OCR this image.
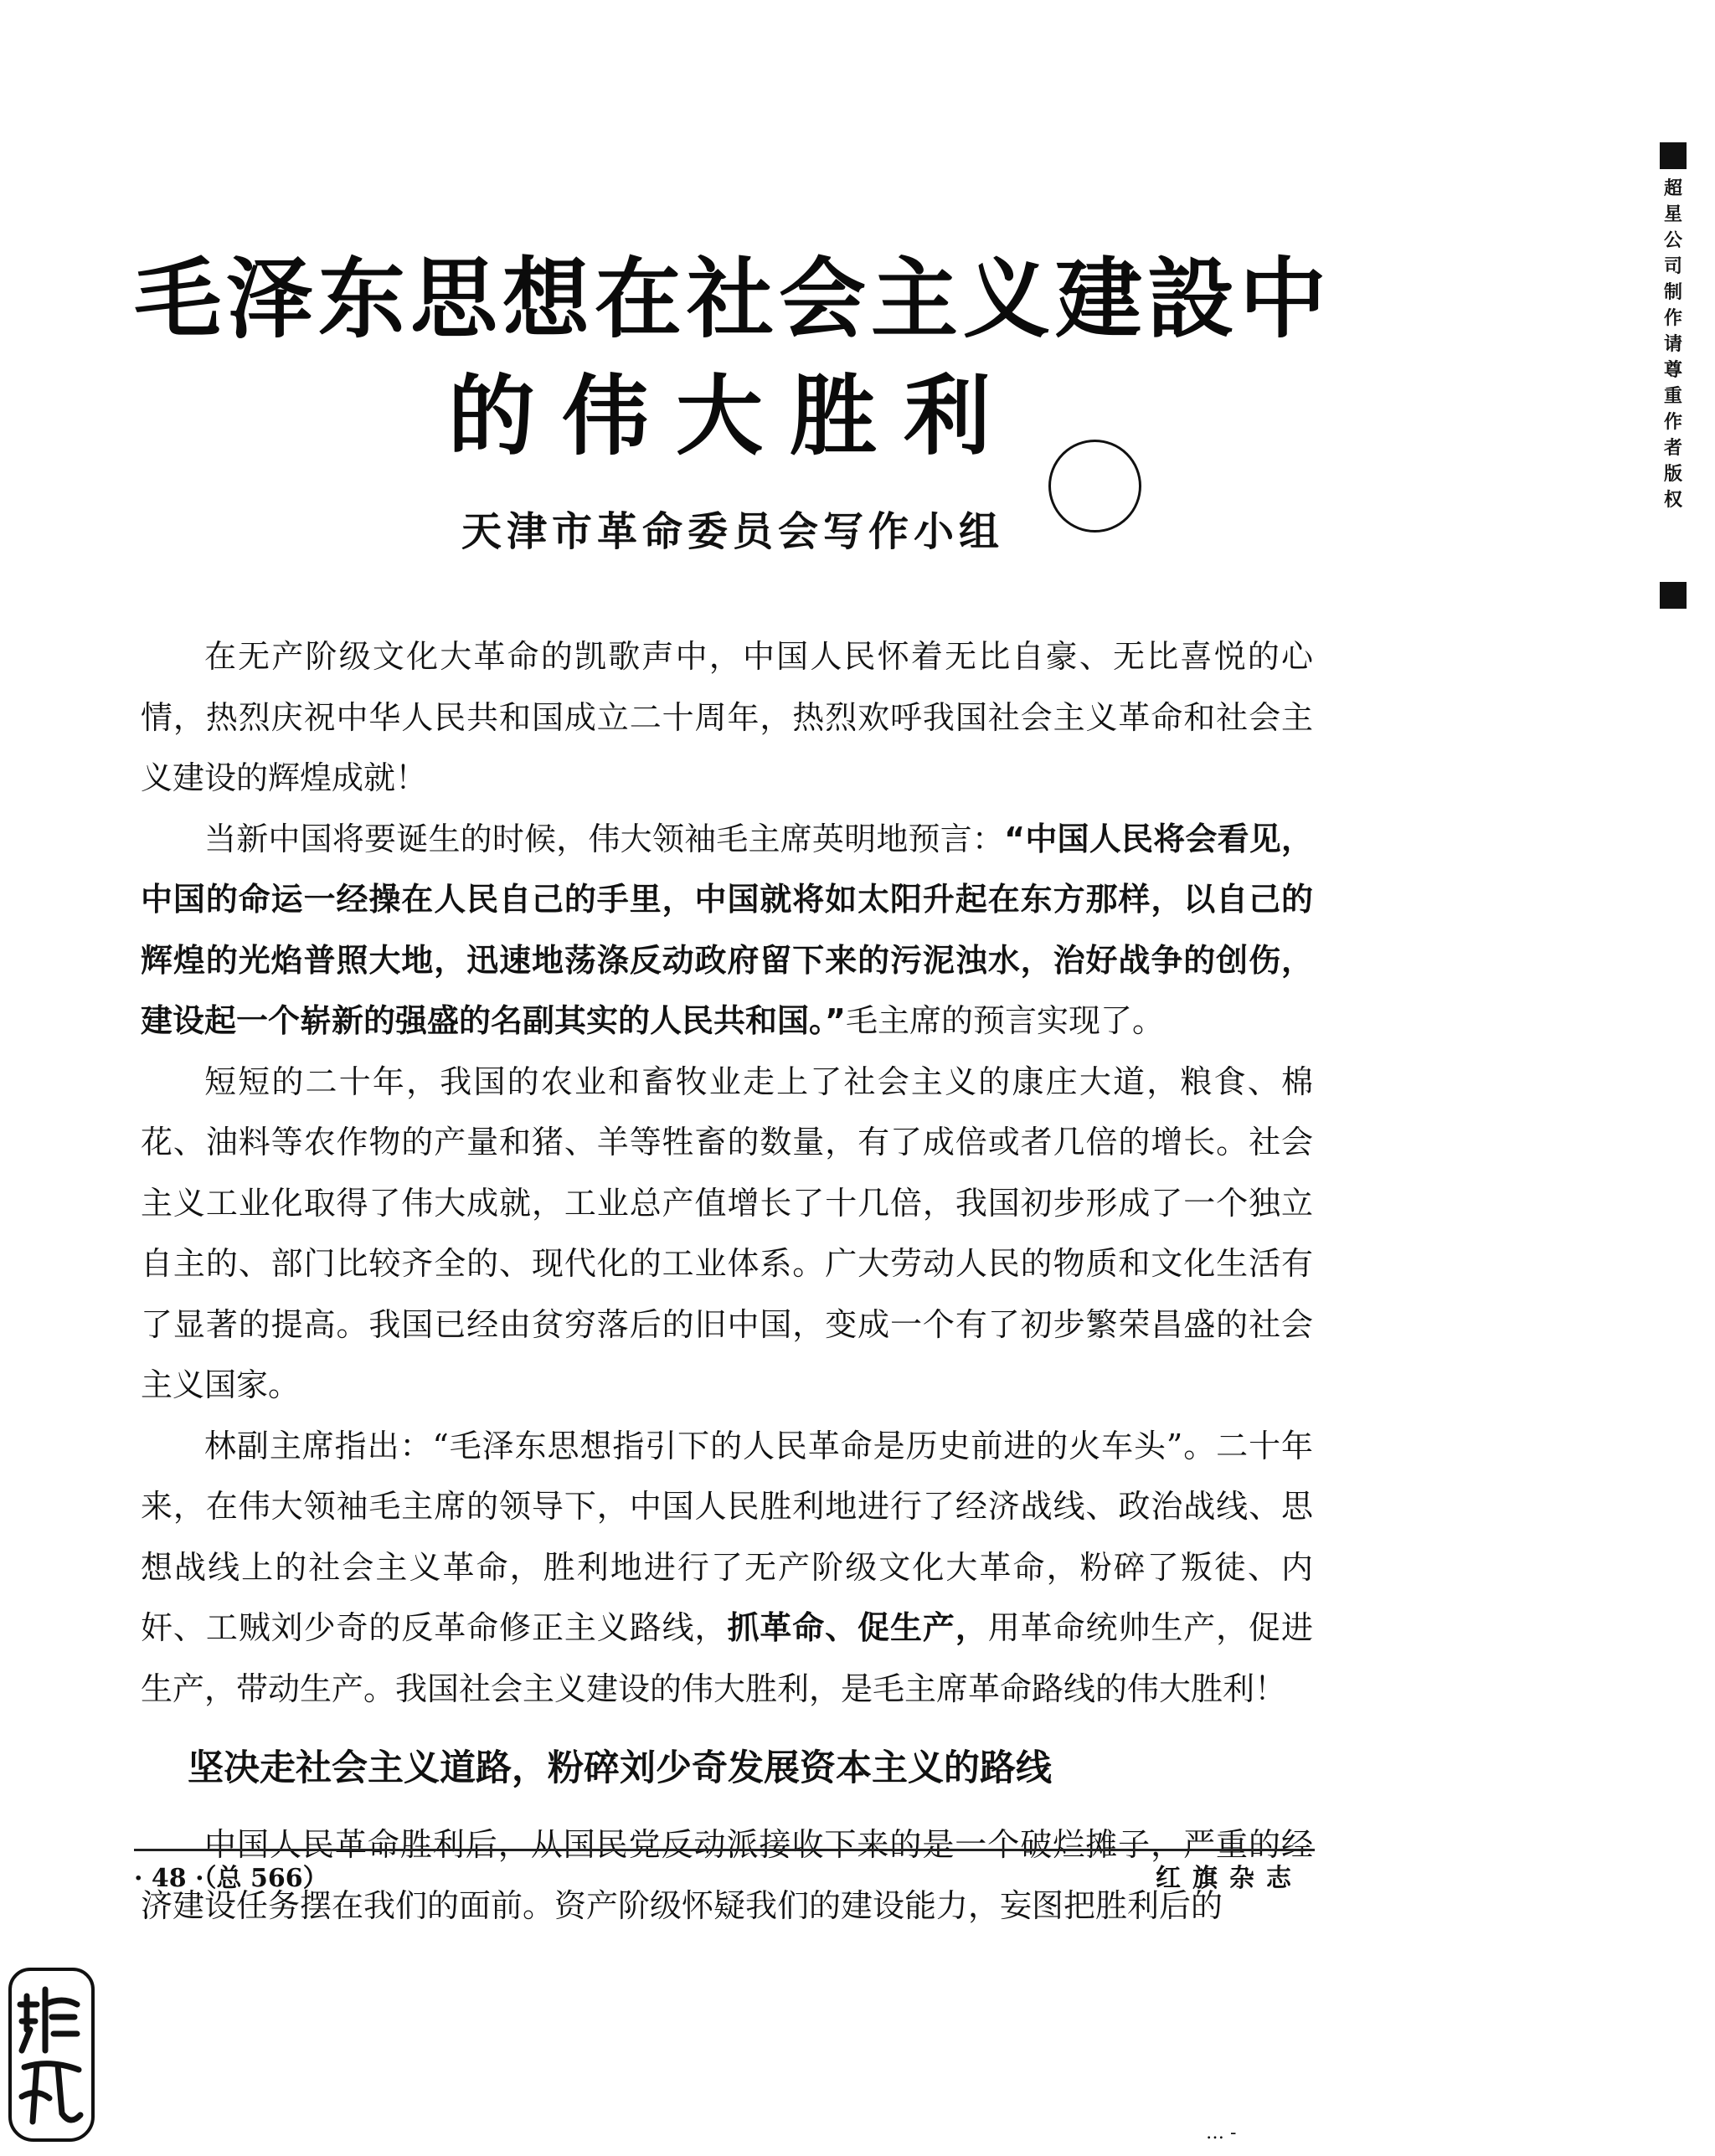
毛泽东思想在社会主义建設中
的伟大胜利
天津市革命委员会写作小组

在无产阶级文化大革命的凯歌声中，中国人民怀着无比自豪、无比喜悦的心情，热烈庆祝中华人民共和国成立二十周年，热烈欢呼我国社会主义革命和社会主义建设的辉煌成就！

当新中国将要诞生的时候，伟大领袖毛主席英明地预言：“中国人民将会看见，中国的命运一经操在人民自己的手里，中国就将如太阳升起在东方那样，以自己的辉煌的光焰普照大地，迅速地荡涤反动政府留下来的污泥浊水，治好战争的创伤，建设起一个崭新的强盛的名副其实的人民共和国。”毛主席的预言实现了。

短短的二十年，我国的农业和畜牧业走上了社会主义的康庄大道，粮食、棉花、油料等农作物的产量和猪、羊等牲畜的数量，有了成倍或者几倍的增长。社会主义工业化取得了伟大成就，工业总产值增长了十几倍，我国初步形成了一个独立自主的、部门比较齐全的、现代化的工业体系。广大劳动人民的物质和文化生活有了显著的提高。我国已经由贫穷落后的旧中国，变成一个有了初步繁荣昌盛的社会主义国家。

林副主席指出：“毛泽东思想指引下的人民革命是历史前进的火车头”。二十年来，在伟大领袖毛主席的领导下，中国人民胜利地进行了经济战线、政治战线、思想战线上的社会主义革命，胜利地进行了无产阶级文化大革命，粉碎了叛徒、内奸、工贼刘少奇的反革命修正主义路线，抓革命、促生产，用革命统帅生产，促进生产，带动生产。我国社会主义建设的伟大胜利，是毛主席革命路线的伟大胜利！

坚决走社会主义道路，粉碎刘少奇发展资本主义的路线

中国人民革命胜利后，从国民党反动派接收下来的是一个破烂摊子，严重的经济建设任务摆在我们的面前。资产阶级怀疑我们的建设能力，妄图把胜利后的

· 48 ·（总 566）	红旗杂志
超星公司制作请尊重作者版权
… -
